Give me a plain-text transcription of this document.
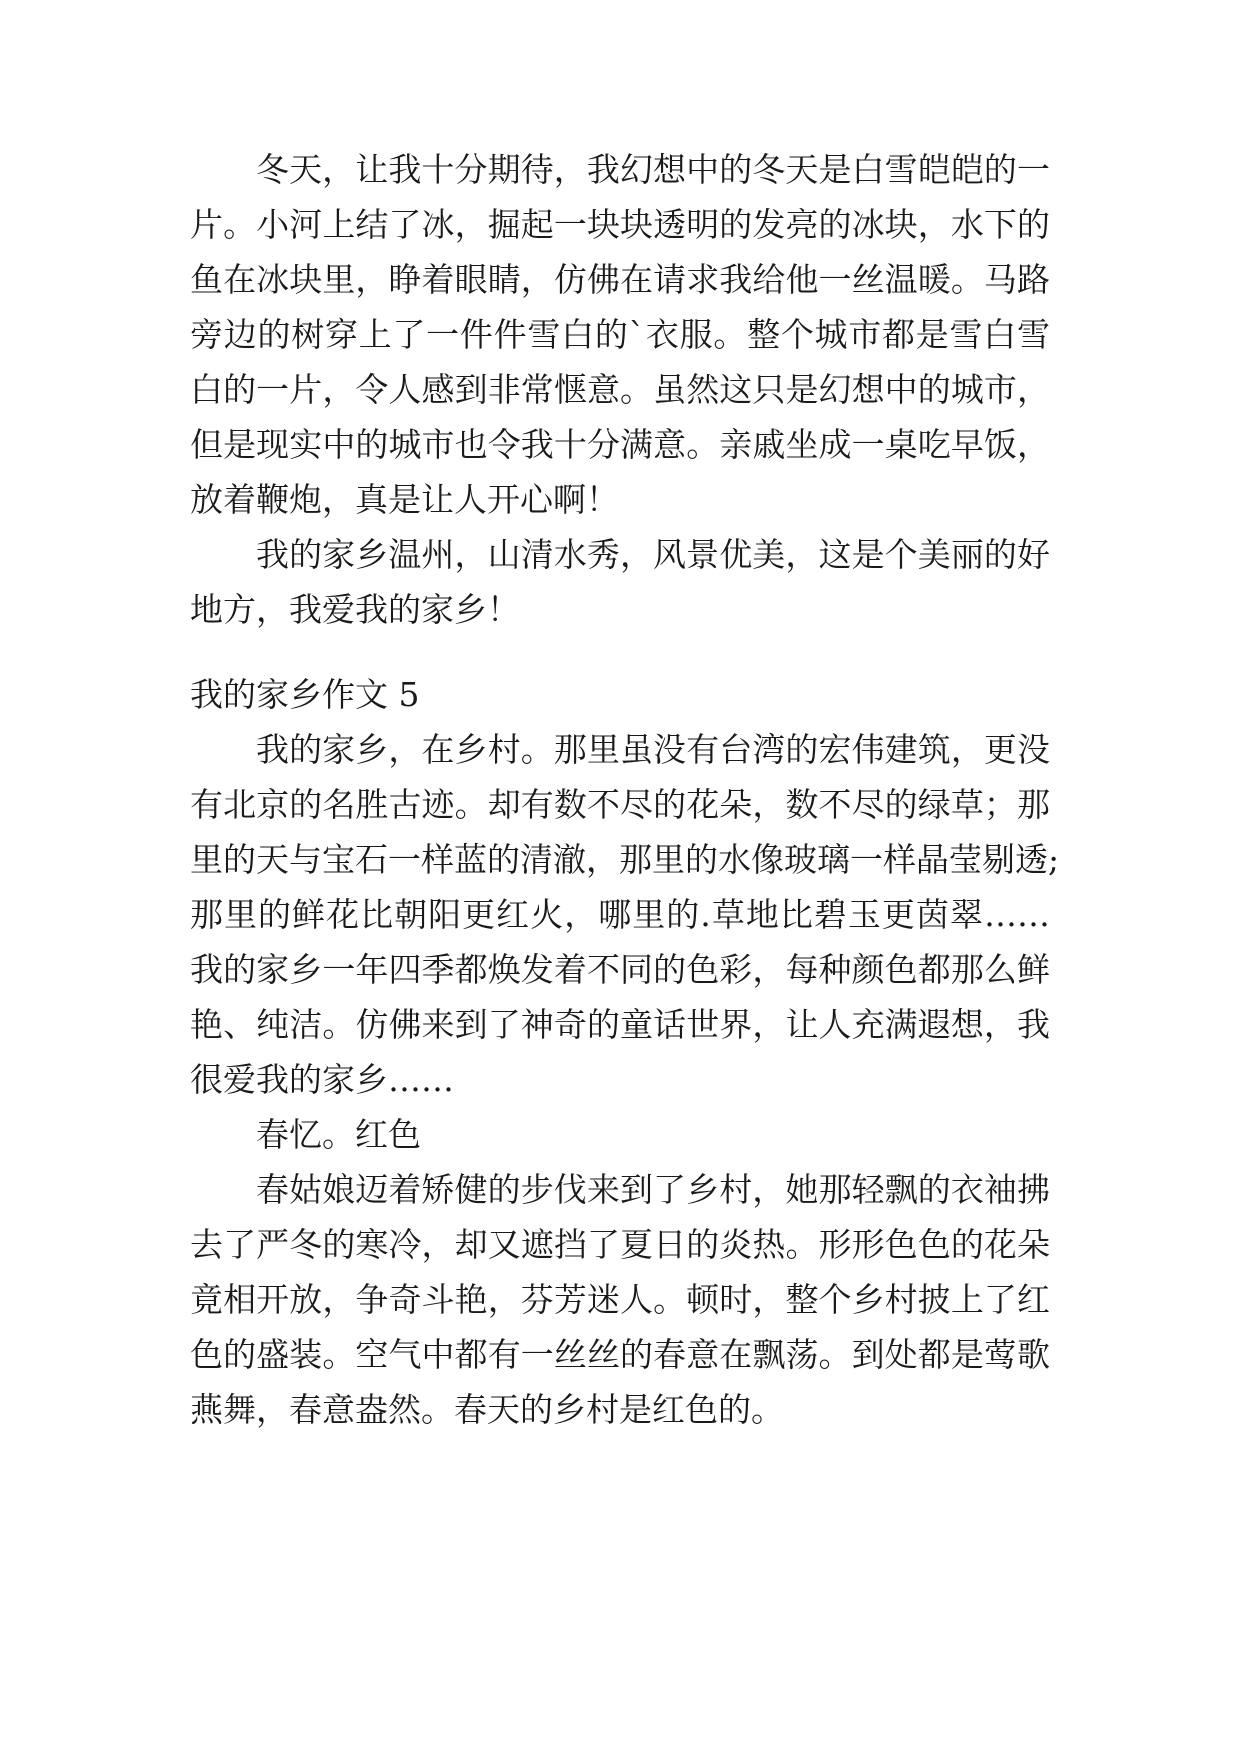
冬天，让我十分期待，我幻想中的冬天是白雪皑皑的一
片。小河上结了冰，掘起一块块透明的发亮的冰块，水下的
鱼在冰块里，睁着眼睛，仿佛在请求我给他一丝温暖。马路
旁边的树穿上了一件件雪白的`衣服。整个城市都是雪白雪
白的一片，令人感到非常惬意。虽然这只是幻想中的城市，
但是现实中的城市也令我十分满意。亲戚坐成一桌吃早饭，
放着鞭炮，真是让人开心啊！
我的家乡温州，山清水秀，风景优美，这是个美丽的好
地方，我爱我的家乡！
我的家乡作文 5
我的家乡，在乡村。那里虽没有台湾的宏伟建筑，更没
有北京的名胜古迹。却有数不尽的花朵，数不尽的绿草；那
里的天与宝石一样蓝的清澈，那里的水像玻璃一样晶莹剔透;
那里的鲜花比朝阳更红火，哪里的.草地比碧玉更茵翠……
我的家乡一年四季都焕发着不同的色彩，每种颜色都那么鲜
艳、纯洁。仿佛来到了神奇的童话世界，让人充满遐想，我
很爱我的家乡……
春忆。红色
春姑娘迈着矫健的步伐来到了乡村，她那轻飘的衣袖拂
去了严冬的寒冷，却又遮挡了夏日的炎热。形形色色的花朵
竟相开放，争奇斗艳，芬芳迷人。顿时，整个乡村披上了红
色的盛装。空气中都有一丝丝的春意在飘荡。到处都是莺歌
燕舞，春意盎然。春天的乡村是红色的。
